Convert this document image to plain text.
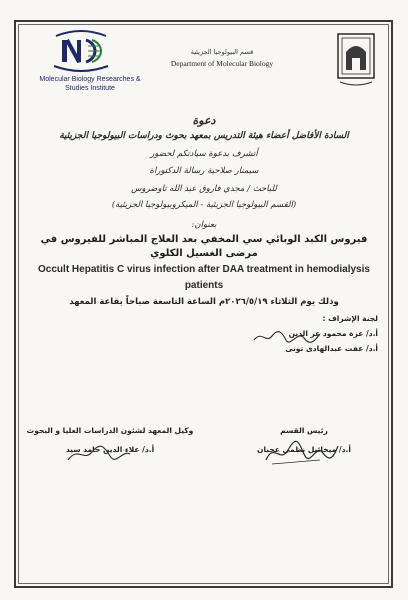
Molecular Biology Researches & Studies Institute
قسم البيولوجيا الجزيئية
Department of Molecular Biology
دعوة
السادة الأفاضل أعضاء هيئة التدريس بمعهد بحوث ودراسات البيولوجيا الجزيئية
أتشرف بدعوة سيادتكم لحضور
سيمنار صلاحية رسالة الدكتوراة
للباحث / مجدي فاروق عبد الله تاوضروس
(القسم البيولوجيا الجزيئية - الميكروبيولوجيا الجزيئية)
بعنوان:
فيروس الكبد الوبائي سي المخفي بعد العلاج المباشر للفيروس في مرضى الغسيل الكلوي
Occult Hepatitis C virus infection after DAA treatment in hemodialysis patients
وذلك يوم الثلاثاء ٢٠٢٦/٥/١٩م الساعة التاسعة صباحاً بقاعة المعهد
لجنة الإشراف :
أ.د/ عزة محمود عز الدين
أ.د/ عفت عبدالهادى تونى
رئيس القسم
أ.د/ ميخائيل نظمي عجبان
وكيل المعهد لشئون الدراسات العليا و البحوث
أ.د/ علاء الدين حامد سيد
